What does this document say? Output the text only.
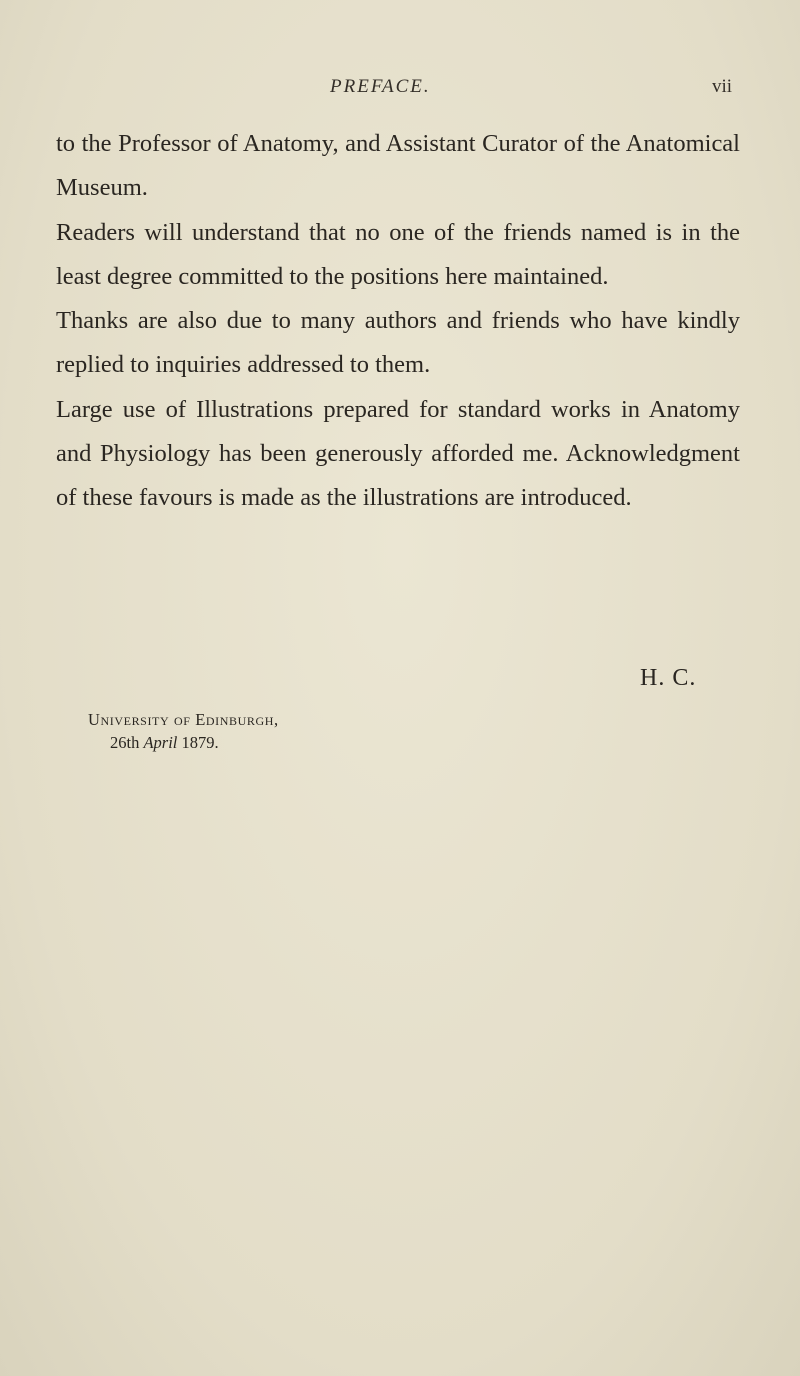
PREFACE.	vii

to the Professor of Anatomy, and Assistant Curator of the Anatomical Museum.

Readers will understand that no one of the friends named is in the least degree committed to the positions here maintained.

Thanks are also due to many authors and friends who have kindly replied to inquiries addressed to them.

Large use of Illustrations prepared for standard works in Anatomy and Physiology has been generously afforded me. Acknowledgment of these favours is made as the illustrations are introduced.

H. C.
University of Edinburgh,
26th April 1879.
